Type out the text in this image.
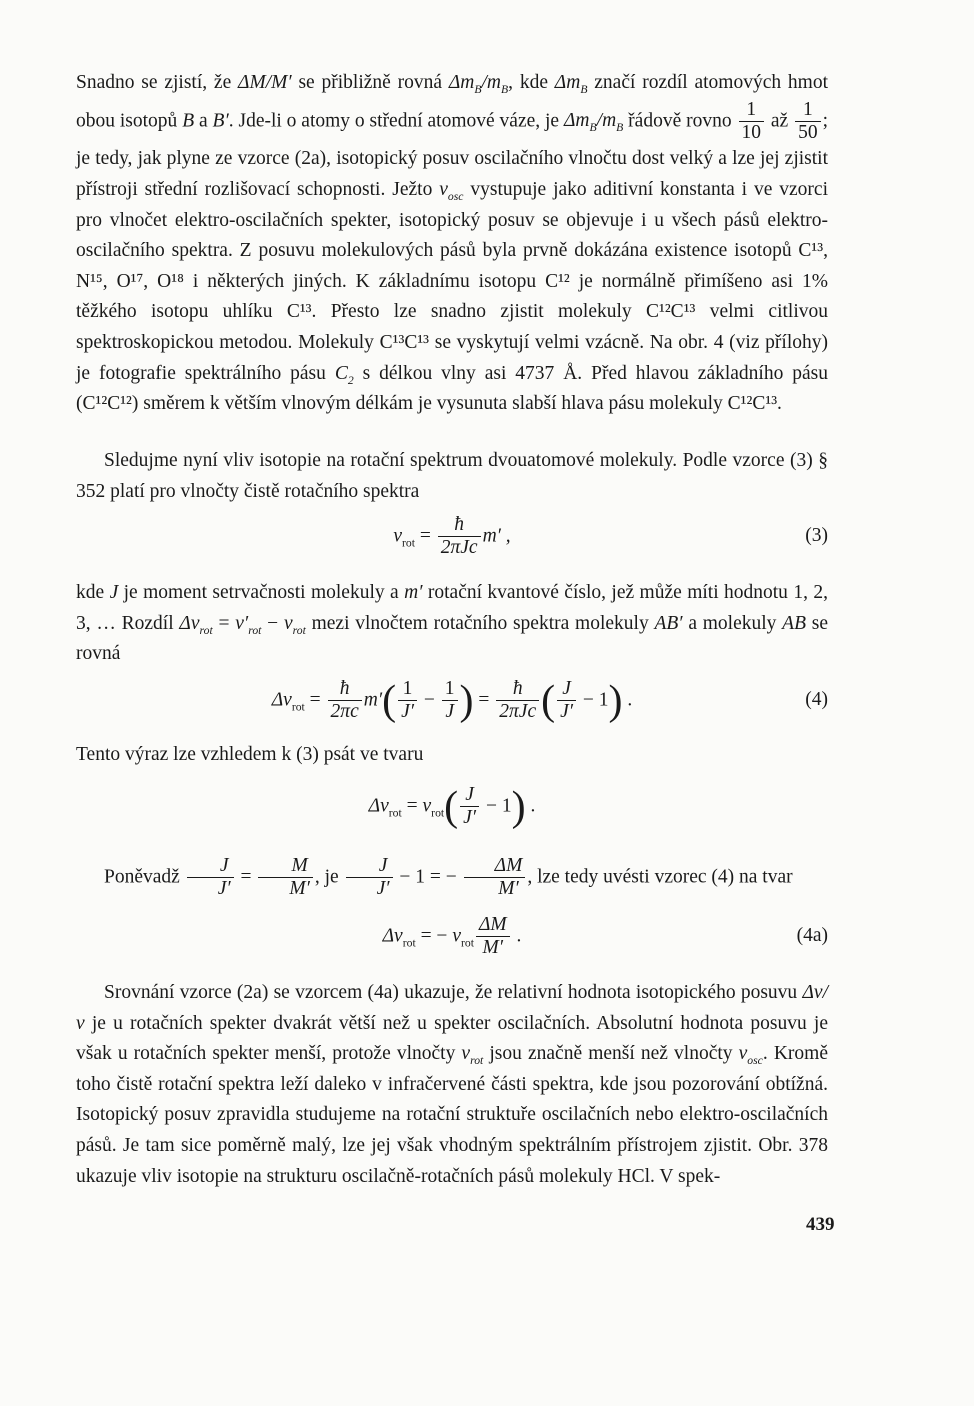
Snadno se zjistí, že ΔM/M′ se přibližně rovná $\Delta m_B/m_B$, kde $\Delta m_B$ značí rozdíl atomových hmot obou isotopů B a B′. Jde-li o atomy o střední atomové váze, je $\Delta m_B/m_B$ řádově rovno $\frac{1}{10}$ až $\frac{1}{50}$ ; je tedy, jak plyne ze vzorce (2a), isotopický posuv oscilačního vlnočtu dost velký a lze jej zjistit přístroji střední rozlišovací schopnosti. Ježto $\nu_{osc}$ vystupuje jako aditivní konstanta i ve vzorci pro vlnočet elektro-oscilačních spekter, isotopický posuv se objevuje i u všech pásů elektro-oscilačního spektra. Z posuvu molekulových pásů byla prvně dokázána existence isotopů C¹³, N¹⁵, O¹⁷, O¹⁸ i některých jiných. K základnímu isotopu C¹² je normálně přimíšeno asi 1% těžkého isotopu uhlíku C¹³. Přesto lze snadno zjistit molekuly C¹²C¹³ velmi citlivou spektroskopickou metodou. Molekuly C¹³C¹³ se vyskytují velmi vzácně. Na obr. 4 (viz přílohy) je fotografie spektrálního pásu $C_2$ s délkou vlny asi 4737 Å. Před hlavou základního pásu (C¹²C¹²) směrem k větším vlnovým délkám je vysunuta slabší hlava pásu molekuly C¹²C¹³.
Sledujme nyní vliv isotopie na rotační spektrum dvouatomové molekuly. Podle vzorce (3) § 352 platí pro vlnočty čistě rotačního spektra
$\nu_{rot} = \frac{ħ}{\text{2πJc}} m'$ ,	(3)
kde J je moment setrvačnosti molekuly a m′ rotační kvantové číslo, jež může míti hodnotu 1, 2, 3, … Rozdíl $\Delta\nu_{rot} = \nu'_{rot} - \nu_{rot}$ mezi vlnočtem rotačního spektra molekuly AB′ a molekuly AB se rovná
$\Delta\nu_{rot} = \frac{ħ}{2\pi c} m'( \frac{1}{J'} - \frac{1}{J}$ ) = $\frac{ħ}{\text{2πJc}}$ ( $\frac{J}{J'} - 1$) .	(4)
Tento výraz lze vzhledem k (3) psát ve tvaru
$\Delta\nu_{rot} = \nu_{rot}( \frac{J}{J'} - 1)$ .
Poněvadž $\frac{J}{J'} = \frac{M}{M'}$ , je $\frac{J}{J'} - 1$ = − $\frac{\Delta M}{M'}$ , lze tedy uvésti vzorec (4) na tvar
$\Delta\nu_{rot}$ = − $\nu_{rot} \frac{\Delta M}{M'}$ .	(4a)
Srovnání vzorce (2a) se vzorcem (4a) ukazuje, že relativní hodnota isotopického posuvu Δν/ν je u rotačních spekter dvakrát větší než u spekter oscilačních. Absolutní hodnota posuvu je však u rotačních spekter menší, protože vlnočty $\nu_{rot}$ jsou značně menší než vlnočty $\nu_{osc}$. Kromě toho čistě rotační spektra leží daleko v infračervené části spektra, kde jsou pozorování obtížná. Isotopický posuv zpravidla studujeme na rotační struktuře oscilačních nebo elektro-oscilačních pásů. Je tam sice poměrně malý, lze jej však vhodným spektrálním přístrojem zjistit. Obr. 378 ukazuje vliv isotopie na strukturu oscilačně-rotačních pásů molekuly HCl. V spek-
439
